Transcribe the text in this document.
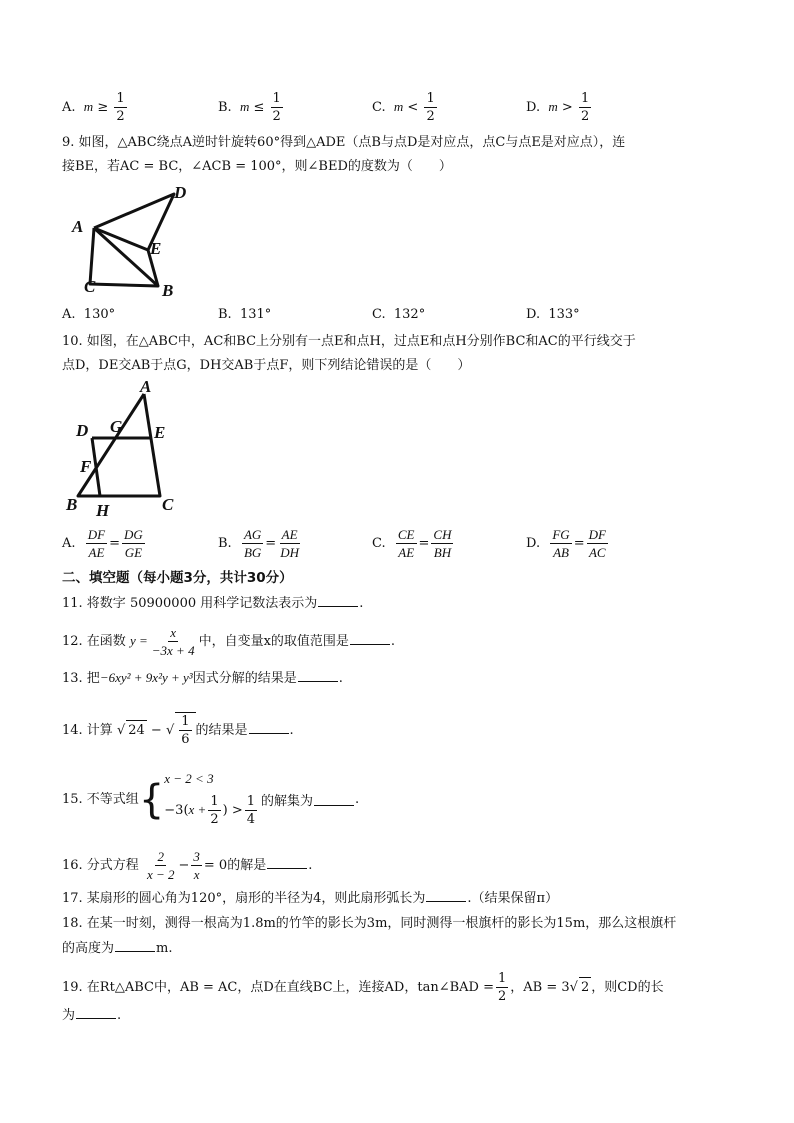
A. $m \ge \frac{1}{2}$	B. $m \le \frac{1}{2}$	C. $m < \frac{1}{2}$	D. $m > \frac{1}{2}$
9. 如图，△ABC绕点A逆时针旋转60°得到△ADE（点B与点D是对应点，点C与点E是对应点），连
接BE，若AC = BC，∠ACB = 100°，则∠BED的度数为（　　）
A
B
C
D
E
A. 130°	B. 131°	C. 132°	D. 133°
10. 如图，在△ABC中，AC和BC上分别有一点E和点H，过点E和点H分别作BC和AC的平行线交于
点D，DE交AB于点G，DH交AB于点F，则下列结论错误的是（　　）
A
G
D	E
F
B H	C
A. $\frac{DF}{AE} = \frac{DG}{GE}$	B. $\frac{AG}{BG} = \frac{AE}{DH}$	C. $\frac{CE}{AE} = \frac{CH}{BH}$	D. $\frac{FG}{AB} = \frac{DF}{AC}$
二、填空题（每小题3分，共计30分）
11. 将数字 50900000 用科学记数法表示为	.
12. 在函数 $y = \frac{x}{-3x + 4}$ 中，自变量x的取值范围是	.
13. 把−6xy² + 9x²y + y³因式分解的结果是	.
14. 计算 √ 24 − √ $\frac{1}{6}$ 的结果是	.
15. 不等式组 { x − 2 < 3
$-3(x + \frac{1}{2}$ ) > $\frac{1}{4}$ 的解集为	.
16. 分式方程 $\frac{2}{x - 2} - \frac{3}{x} = 0$的解是	.
17. 某扇形的圆心角为120°，扇形的半径为4，则此扇形弧长为	.（结果保留π）
18. 在某一时刻，测得一根高为1.8m的竹竿的影长为3m，同时测得一根旗杆的影长为15m，那么这根旗杆
的高度为	m.
19. 在Rt△ABC中，AB = AC，点D在直线BC上，连接AD，tan∠BAD = $\frac{1}{2}$ ，AB = 3√ 2 ，则CD的长
为	.
